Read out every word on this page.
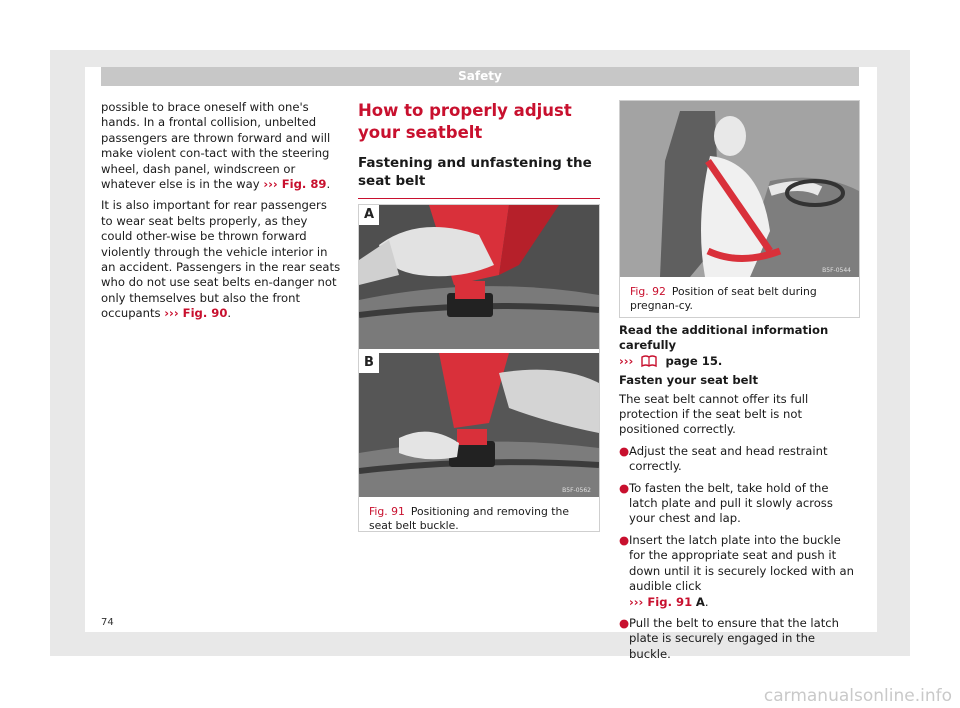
Safety

possible to brace oneself with one's hands. In a frontal collision, unbelted passengers are thrown forward and will make violent con-tact with the steering wheel, dash panel, windscreen or whatever else is in the way ››› Fig. 89.

It is also important for rear passengers to wear seat belts properly, as they could other-wise be thrown forward violently through the vehicle interior in an accident. Passengers in the rear seats who do not use seat belts en-danger not only themselves but also the front occupants ››› Fig. 90.

How to properly adjust your seatbelt
Fastening and unfastening the seat belt
A
B
B5F-0562
Fig. 91 Positioning and removing the seat belt buckle.
B5F-0544
Fig. 92 Position of seat belt during pregnan-cy.

Read the additional information carefully
›››	page 15.

Fasten your seat belt

The seat belt cannot offer its full protection if the seat belt is not positioned correctly.

● Adjust the seat and head restraint correctly.
● To fasten the belt, take hold of the latch plate and pull it slowly across your chest and lap.
● Insert the latch plate into the buckle for the appropriate seat and push it down until it is securely locked with an audible click
››› Fig. 91 A.
● Pull the belt to ensure that the latch plate is securely engaged in the buckle.
74
carmanualsonline.info
